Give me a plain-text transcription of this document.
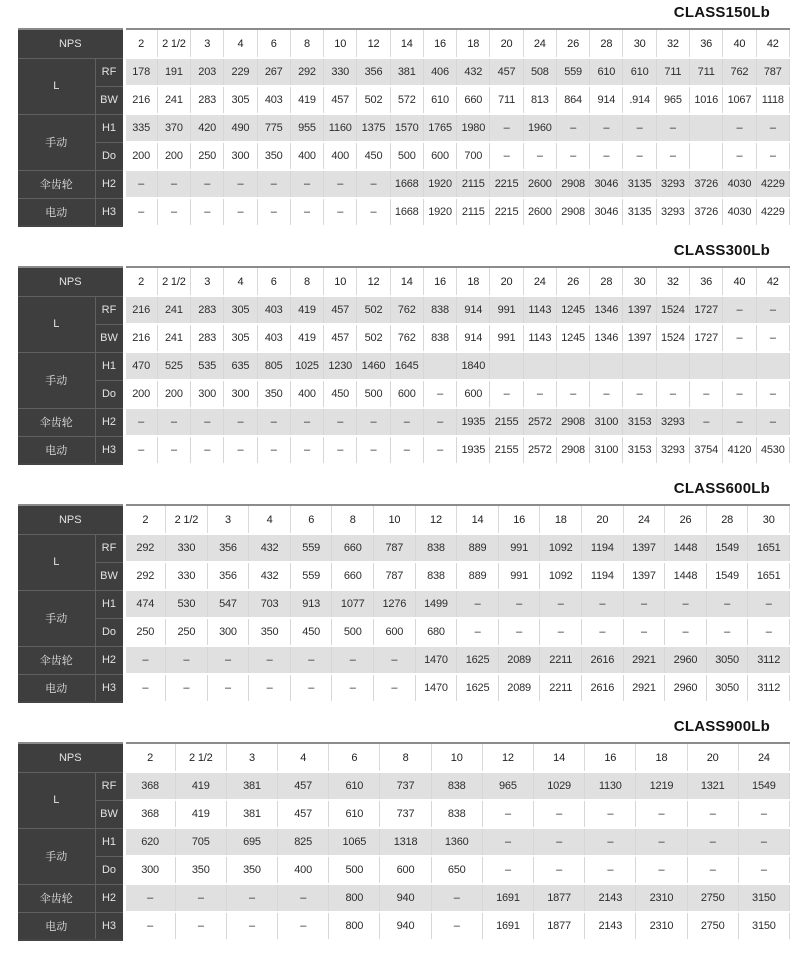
CLASS150Lb
NPS		2	2 1/2	3	4	6	8	10	12	14	16	18	20	24	26	28	30	32	36	40	42
L	RF	178	191	203	229	267	292	330	356	381	406	432	457	508	559	610	610	711	711	762	787
	BW	216	241	283	305	403	419	457	502	572	610	660	711	813	864	914	.914	965	1016	1067	1118
手动	H1	335	370	420	490	775	955	1160	1375	1570	1765	1980	–	1960	–	–	–	–		–	–
	Do	200	200	250	300	350	400	400	450	500	600	700	–	–	–	–	–	–		–	–
伞齿轮	H2	–	–	–	–	–	–	–	–	1668	1920	2115	2215	2600	2908	3046	3135	3293	3726	4030	4229
电动	H3	–	–	–	–	–	–	–	–	1668	1920	2115	2215	2600	2908	3046	3135	3293	3726	4030	4229
CLASS300Lb
NPS		2	2 1/2	3	4	6	8	10	12	14	16	18	20	24	26	28	30	32	36	40	42
L	RF	216	241	283	305	403	419	457	502	762	838	914	991	1143	1245	1346	1397	1524	1727	–	–
	BW	216	241	283	305	403	419	457	502	762	838	914	991	1143	1245	1346	1397	1524	1727	–	–
手动	H1	470	525	535	635	805	1025	1230	1460	1645		1840									
	Do	200	200	300	300	350	400	450	500	600	–	600	–	–	–	–	–	–	–	–	–
伞齿轮	H2	–	–	–	–	–	–	–	–	–	–	1935	2155	2572	2908	3100	3153	3293	–	–	–
电动	H3	–	–	–	–	–	–	–	–	–	–	1935	2155	2572	2908	3100	3153	3293	3754	4120	4530
CLASS600Lb
NPS		2	2 1/2	3	4	6	8	10	12	14	16	18	20	24	26	28	30
L	RF	292	330	356	432	559	660	787	838	889	991	1092	1194	1397	1448	1549	1651
	BW	292	330	356	432	559	660	787	838	889	991	1092	1194	1397	1448	1549	1651
手动	H1	474	530	547	703	913	1077	1276	1499	–	–	–	–	–	–	–	–
	Do	250	250	300	350	450	500	600	680	–	–	–	–	–	–	–	–
伞齿轮	H2	–	–	–	–	–	–	–	1470	1625	2089	2211	2616	2921	2960	3050	3112
电动	H3	–	–	–	–	–	–	–	1470	1625	2089	2211	2616	2921	2960	3050	3112
CLASS900Lb
NPS		2	2 1/2	3	4	6	8	10	12	14	16	18	20	24
L	RF	368	419	381	457	610	737	838	965	1029	1130	1219	1321	1549
	BW	368	419	381	457	610	737	838	–	–	–	–	–	–
手动	H1	620	705	695	825	1065	1318	1360	–	–	–	–	–	–
	Do	300	350	350	400	500	600	650	–	–	–	–	–	–
伞齿轮	H2	–	–	–	–	800	940	–	1691	1877	2143	2310	2750	3150
电动	H3	–	–	–	–	800	940	–	1691	1877	2143	2310	2750	3150
